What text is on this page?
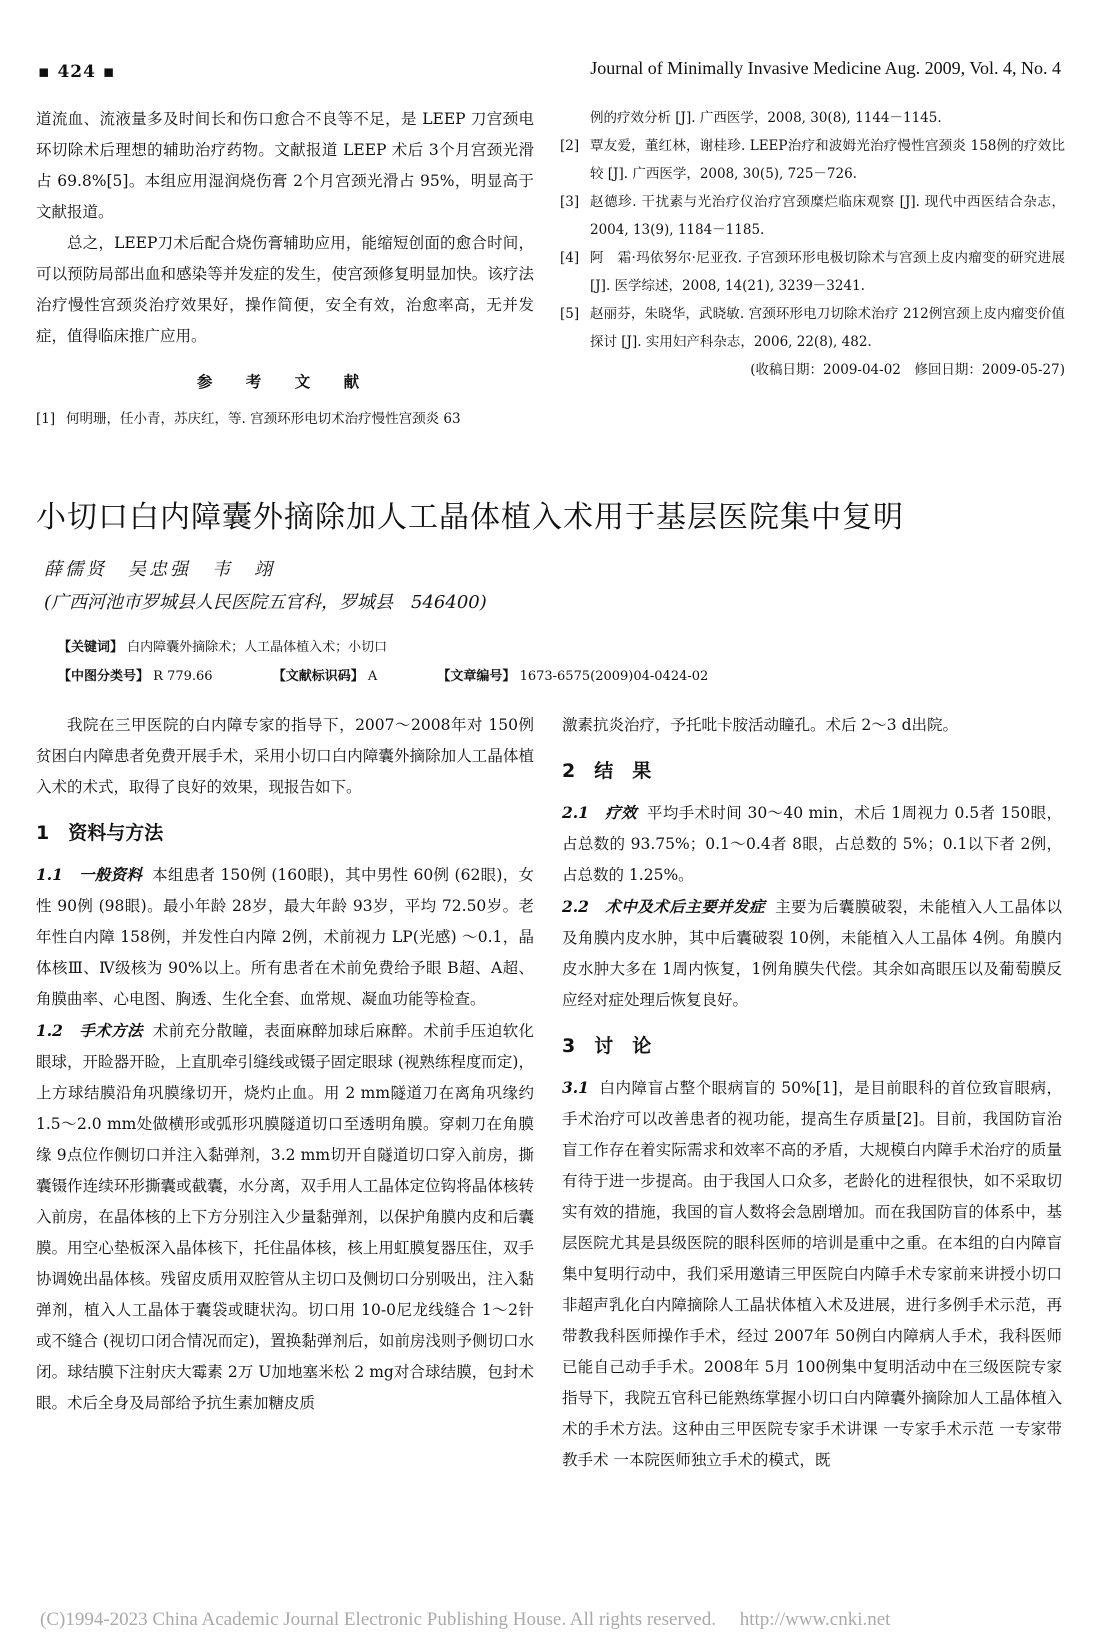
▪ 424 ▪	Journal of Minimally Invasive Medicine Aug. 2009, Vol. 4, No. 4

道流血、流液量多及时间长和伤口愈合不良等不足，是 LEEP 刀宫颈电环切除术后理想的辅助治疗药物。文献报道 LEEP 术后 3个月宫颈光滑占 69.8%[5]。本组应用湿润烧伤膏 2个月宫颈光滑占 95%，明显高于文献报道。

总之，LEEP刀术后配合烧伤膏辅助应用，能缩短创面的愈合时间，可以预防局部出血和感染等并发症的发生，使宫颈修复明显加快。该疗法治疗慢性宫颈炎治疗效果好，操作简便，安全有效，治愈率高，无并发症，值得临床推广应用。

参 考 文 献

[1] 何明珊，任小青，苏庆红，等. 宫颈环形电切术治疗慢性宫颈炎 63

例的疗效分析 [J]. 广西医学，2008, 30(8), 1144－1145.

[2] 覃友爱，董红林，谢桂珍. LEEP治疗和波姆光治疗慢性宫颈炎 158例的疗效比较 [J]. 广西医学，2008, 30(5), 725－726.

[3] 赵德珍. 干扰素与光治疗仪治疗宫颈糜烂临床观察 [J]. 现代中西医结合杂志，2004, 13(9), 1184－1185.

[4] 阿　霜·玛依努尔·尼亚孜. 子宫颈环形电极切除术与宫颈上皮内瘤变的研究进展 [J]. 医学综述，2008, 14(21), 3239－3241.

[5] 赵丽芬，朱晓华，武晓敏. 宫颈环形电刀切除术治疗 212例宫颈上皮内瘤变价值探讨 [J]. 实用妇产科杂志，2006, 22(8), 482.

(收稿日期：2009-04-02　修回日期：2009-05-27)

小切口白内障囊外摘除加人工晶体植入术用于基层医院集中复明
薛儒贤　吴忠强　韦　翊
(广西河池市罗城县人民医院五官科，罗城县　546400)
【关键词】 白内障囊外摘除术；人工晶体植入术；小切口
【中图分类号】 R 779.66	【文献标识码】 A	【文章编号】 1673-6575(2009)04-0424-02

我院在三甲医院的白内障专家的指导下，2007～2008年对 150例贫困白内障患者免费开展手术，采用小切口白内障囊外摘除加人工晶体植入术的术式，取得了良好的效果，现报告如下。

1　资料与方法

1.1　一般资料 本组患者 150例 (160眼)，其中男性 60例 (62眼)，女性 90例 (98眼)。最小年龄 28岁，最大年龄 93岁，平均 72.50岁。老年性白内障 158例，并发性白内障 2例，术前视力 LP(光感) ～0.1，晶体核Ⅲ、Ⅳ级核为 90%以上。所有患者在术前免费给予眼 B超、A超、角膜曲率、心电图、胸透、生化全套、血常规、凝血功能等检查。

1.2　手术方法 术前充分散瞳，表面麻醉加球后麻醉。术前手压迫软化眼球，开睑器开睑，上直肌牵引缝线或镊子固定眼球 (视熟练程度而定)，上方球结膜沿角巩膜缘切开，烧灼止血。用 2 mm隧道刀在离角巩缘约 1.5～2.0 mm处做横形或弧形巩膜隧道切口至透明角膜。穿刺刀在角膜缘 9点位作侧切口并注入黏弹剂，3.2 mm切开自隧道切口穿入前房，撕囊镊作连续环形撕囊或截囊，水分离，双手用人工晶体定位钩将晶体核转入前房，在晶体核的上下方分别注入少量黏弹剂，以保护角膜内皮和后囊膜。用空心垫板深入晶体核下，托住晶体核，核上用虹膜复器压住，双手协调娩出晶体核。残留皮质用双腔管从主切口及侧切口分别吸出，注入黏弹剂，植入人工晶体于囊袋或睫状沟。切口用 10-0尼龙线缝合 1～2针或不缝合 (视切口闭合情况而定)，置换黏弹剂后，如前房浅则予侧切口水闭。球结膜下注射庆大霉素 2万 U加地塞米松 2 mg对合球结膜，包封术眼。术后全身及局部给予抗生素加糖皮质

激素抗炎治疗，予托吡卡胺活动瞳孔。术后 2～3 d出院。

2　结　果

2.1　疗效 平均手术时间 30～40 min，术后 1周视力 0.5者 150眼，占总数的 93.75%；0.1～0.4者 8眼，占总数的 5%；0.1以下者 2例，占总数的 1.25%。

2.2　术中及术后主要并发症 主要为后囊膜破裂，未能植入人工晶体以及角膜内皮水肿，其中后囊破裂 10例，未能植入人工晶体 4例。角膜内皮水肿大多在 1周内恢复，1例角膜失代偿。其余如高眼压以及葡萄膜反应经对症处理后恢复良好。

3　讨　论

3.1 白内障盲占整个眼病盲的 50%[1]，是目前眼科的首位致盲眼病，手术治疗可以改善患者的视功能，提高生存质量[2]。目前，我国防盲治盲工作存在着实际需求和效率不高的矛盾，大规模白内障手术治疗的质量有待于进一步提高。由于我国人口众多，老龄化的进程很快，如不采取切实有效的措施，我国的盲人数将会急剧增加。而在我国防盲的体系中，基层医院尤其是县级医院的眼科医师的培训是重中之重。在本组的白内障盲集中复明行动中，我们采用邀请三甲医院白内障手术专家前来讲授小切口非超声乳化白内障摘除人工晶状体植入术及进展，进行多例手术示范，再带教我科医师操作手术，经过 2007年 50例白内障病人手术，我科医师已能自己动手手术。2008年 5月 100例集中复明活动中在三级医院专家指导下，我院五官科已能熟练掌握小切口白内障囊外摘除加人工晶体植入术的手术方法。这种由三甲医院专家手术讲课 一专家手术示范 一专家带教手术 一本院医师独立手术的模式，既

(C)1994-2023 China Academic Journal Electronic Publishing House. All rights reserved.　 http://www.cnki.net
